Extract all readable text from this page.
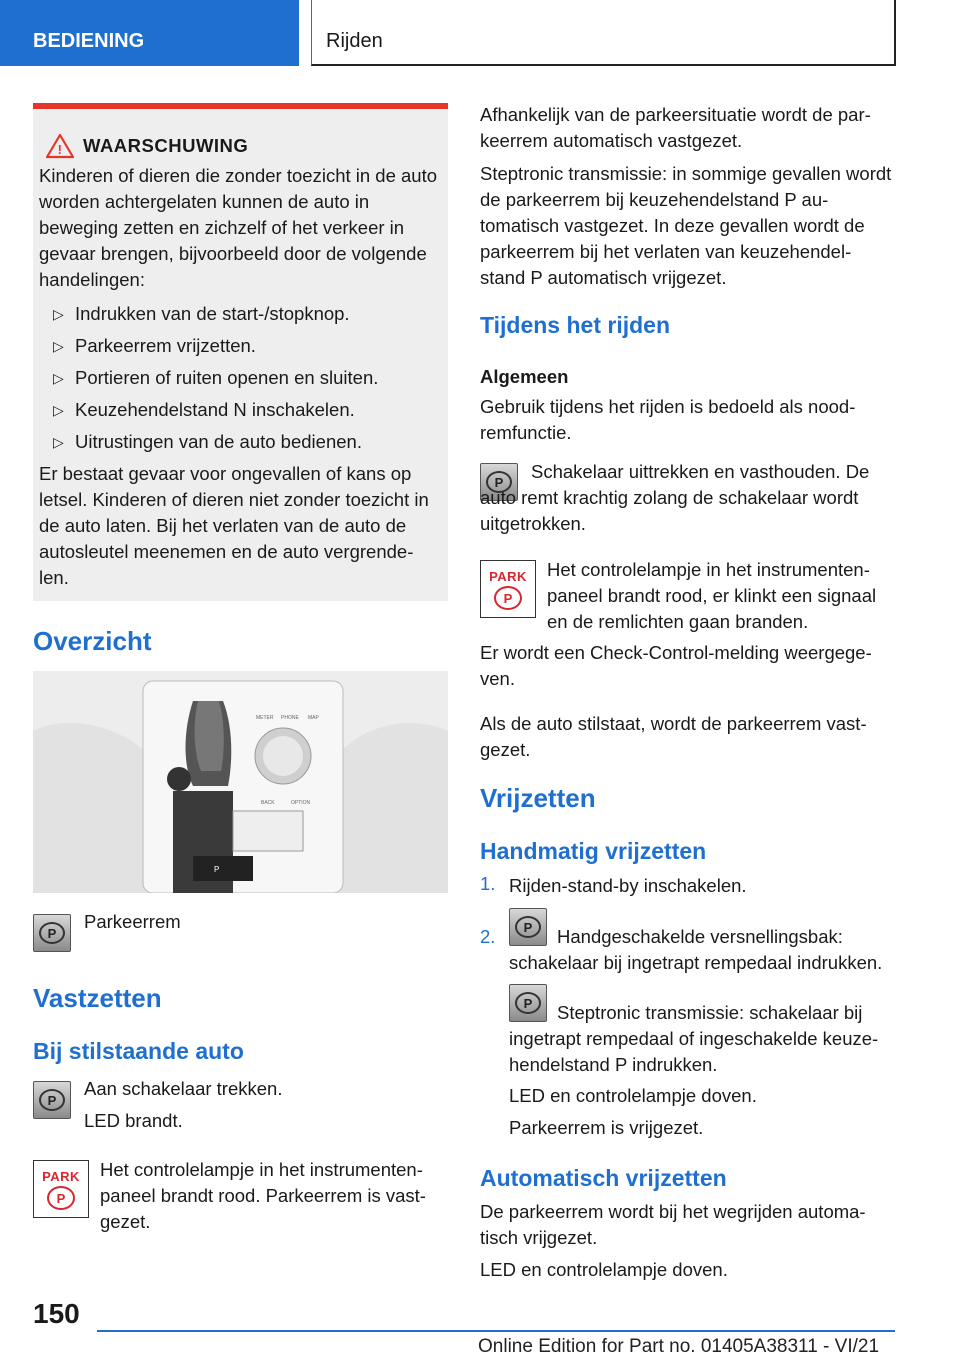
BEDIENING	Rijden
! WAARSCHUWING

Kinderen of dieren die zonder toezicht in de auto worden achtergelaten kunnen de auto in beweging zetten en zichzelf of het verkeer in gevaar brengen, bijvoorbeeld door de volgende handelingen:

▷ Indrukken van de start-/stopknop.
▷ Parkeerrem vrijzetten.
▷ Portieren of ruiten openen en sluiten.
▷ Keuzehendelstand N inschakelen.
▷ Uitrustingen van de auto bedienen.

Er bestaat gevaar voor ongevallen of kans op letsel. Kinderen of dieren niet zonder toezicht in de auto laten. Bij het verlaten van de auto de autosleutel meenemen en de auto vergrende-len.

Overzicht
P
METER PHONE MAP
BACK	OPTION
P
Parkeerrem
Vastzetten
Bij stilstaande auto
P

Aan schakelaar trekken.

LED brandt.

PARK
P

Het controlelampje in het instrumenten-paneel brandt rood. Parkeerrem is vast-gezet.

Afhankelijk van de parkeersituatie wordt de par-keerrem automatisch vastgezet.

Steptronic transmissie: in sommige gevallen wordt de parkeerrem bij keuzehendelstand P au-tomatisch vastgezet. In deze gevallen wordt de parkeerrem bij het verlaten van keuzehendel-stand P automatisch vrijgezet.

Tijdens het rijden
Algemeen

Gebruik tijdens het rijden is bedoeld als nood-remfunctie.

P	Schakelaar uittrekken en vasthouden. De auto remt krachtig zolang de schakelaar wordt uitgetrokken.

PARK
P

Het controlelampje in het instrumenten-paneel brandt rood, er klinkt een signaal en de remlichten gaan branden.

Er wordt een Check-Control-melding weergege-ven.

Als de auto stilstaat, wordt de parkeerrem vast-gezet.

Vrijzetten
Handmatig vrijzetten
1. Rijden-stand-by inschakelen.

2.	P	Handgeschakelde versnellingsbak: schakelaar bij ingetrapt rempedaal indrukken.

P	Steptronic transmissie: schakelaar bij ingetrapt rempedaal of ingeschakelde keuze-hendelstand P indrukken.

LED en controlelampje doven.

Parkeerrem is vrijgezet.

Automatisch vrijzetten

De parkeerrem wordt bij het wegrijden automa-tisch vrijgezet.

LED en controlelampje doven.

150
Online Edition for Part no. 01405A38311 - VI/21
